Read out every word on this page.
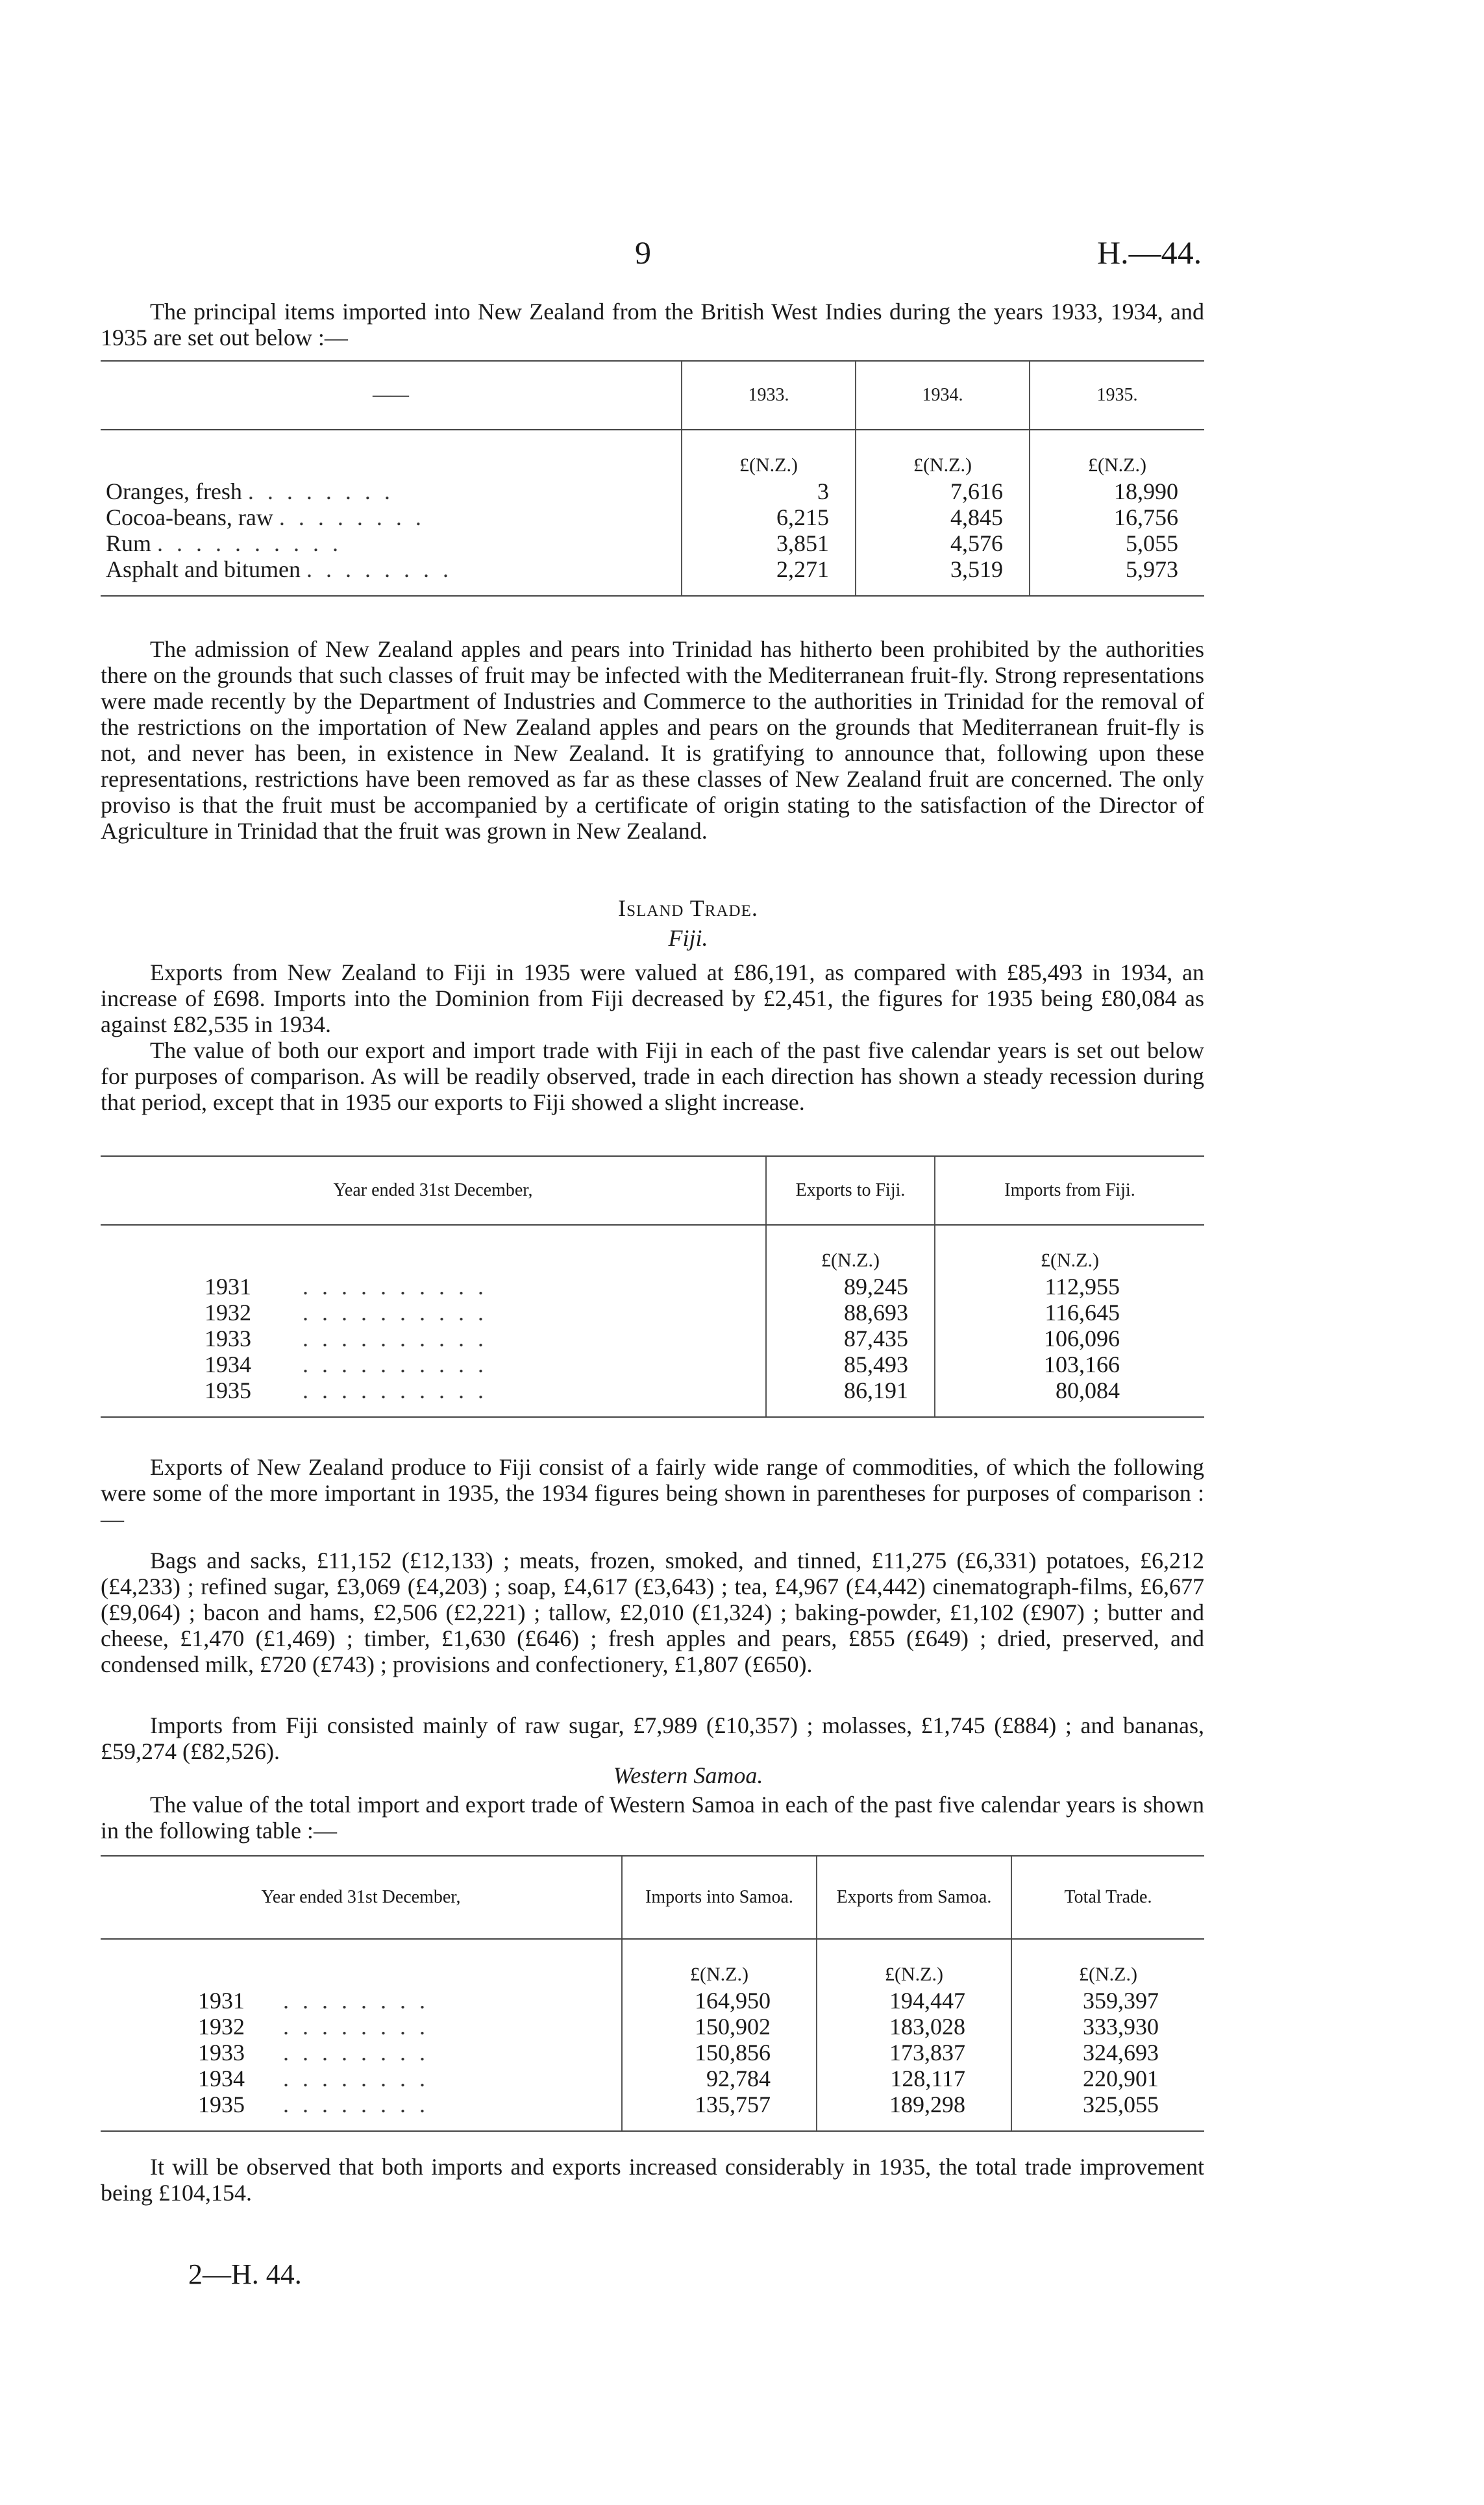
9	H.—44.

The principal items imported into New Zealand from the British West Indies during the years 1933, 1934, and 1935 are set out below :—

——	1933.	1934.	1935.
	£(N.Z.)	£(N.Z.)	£(N.Z.)
Oranges, fresh . . . . . . . .	3	7,616	18,990
Cocoa-beans, raw . . . . . . . .	6,215	4,845	16,756
Rum . . . . . . . . . .	3,851	4,576	5,055
Asphalt and bitumen . . . . . . . .	2,271	3,519	5,973

The admission of New Zealand apples and pears into Trinidad has hitherto been prohibited by the authorities there on the grounds that such classes of fruit may be infected with the Mediterranean fruit-fly. Strong representations were made recently by the Department of Industries and Commerce to the authorities in Trinidad for the removal of the restrictions on the importation of New Zealand apples and pears on the grounds that Mediterranean fruit-fly is not, and never has been, in existence in New Zealand. It is gratifying to announce that, following upon these representations, restrictions have been removed as far as these classes of New Zealand fruit are concerned. The only proviso is that the fruit must be accompanied by a certificate of origin stating to the satisfaction of the Director of Agriculture in Trinidad that the fruit was grown in New Zealand.

Island Trade.
Fiji.

Exports from New Zealand to Fiji in 1935 were valued at £86,191, as compared with £85,493 in 1934, an increase of £698. Imports into the Dominion from Fiji decreased by £2,451, the figures for 1935 being £80,084 as against £82,535 in 1934.

The value of both our export and import trade with Fiji in each of the past five calendar years is set out below for purposes of comparison. As will be readily observed, trade in each direction has shown a steady recession during that period, except that in 1935 our exports to Fiji showed a slight increase.

Year ended 31st December,	Exports to Fiji.	Imports from Fiji.
	£(N.Z.)	£(N.Z.)
1931 . . . . . . . . . .	89,245	112,955
1932 . . . . . . . . . .	88,693	116,645
1933 . . . . . . . . . .	87,435	106,096
1934 . . . . . . . . . .	85,493	103,166
1935 . . . . . . . . . .	86,191	80,084

Exports of New Zealand produce to Fiji consist of a fairly wide range of commodities, of which the following were some of the more important in 1935, the 1934 figures being shown in parentheses for purposes of comparison :—

Bags and sacks, £11,152 (£12,133) ; meats, frozen, smoked, and tinned, £11,275 (£6,331) potatoes, £6,212 (£4,233) ; refined sugar, £3,069 (£4,203) ; soap, £4,617 (£3,643) ; tea, £4,967 (£4,442) cinematograph-films, £6,677 (£9,064) ; bacon and hams, £2,506 (£2,221) ; tallow, £2,010 (£1,324) ; baking-powder, £1,102 (£907) ; butter and cheese, £1,470 (£1,469) ; timber, £1,630 (£646) ; fresh apples and pears, £855 (£649) ; dried, preserved, and condensed milk, £720 (£743) ; provisions and confectionery, £1,807 (£650).

Imports from Fiji consisted mainly of raw sugar, £7,989 (£10,357) ; molasses, £1,745 (£884) ; and bananas, £59,274 (£82,526).

Western Samoa.

The value of the total import and export trade of Western Samoa in each of the past five calendar years is shown in the following table :—

Year ended 31st December,	Imports into Samoa.	Exports from Samoa.	Total Trade.
	£(N.Z.)	£(N.Z.)	£(N.Z.)
1931 . . . . . . . .	164,950	194,447	359,397
1932 . . . . . . . .	150,902	183,028	333,930
1933 . . . . . . . .	150,856	173,837	324,693
1934 . . . . . . . .	92,784	128,117	220,901
1935 . . . . . . . .	135,757	189,298	325,055

It will be observed that both imports and exports increased considerably in 1935, the total trade improvement being £104,154.

2—H. 44.
